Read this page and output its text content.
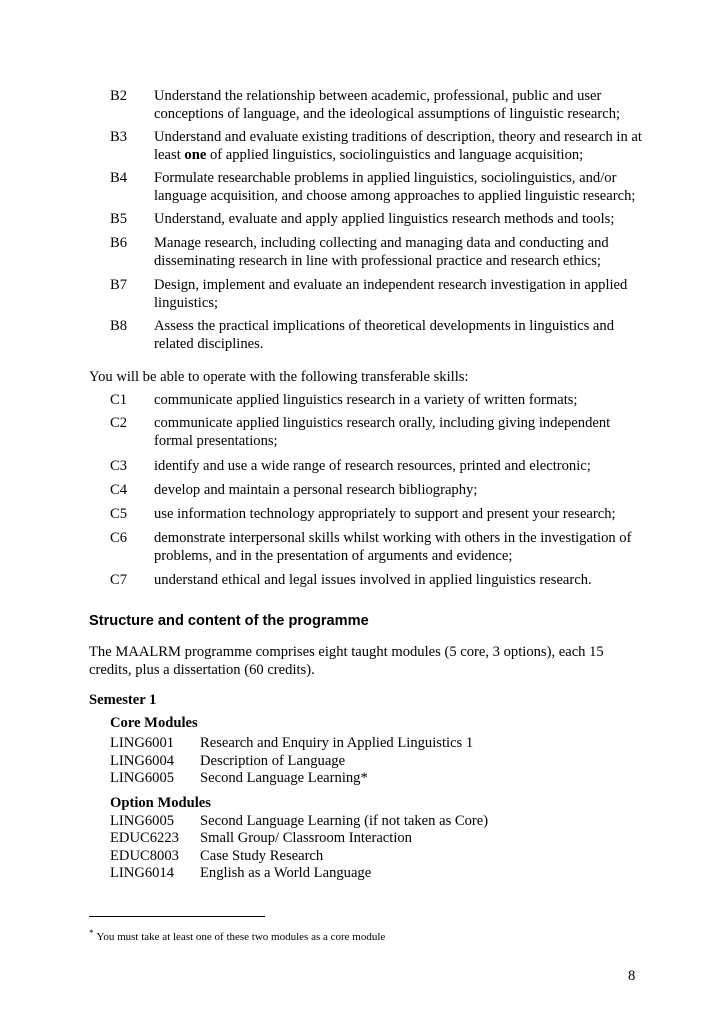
B2	Understand the relationship between academic, professional, public and user conceptions of language, and the ideological assumptions of linguistic research;
B3	Understand and evaluate existing traditions of description, theory and research in at least one of applied linguistics, sociolinguistics and language acquisition;
B4	Formulate researchable problems in applied linguistics, sociolinguistics, and/or language acquisition, and choose among approaches to applied linguistic research;
B5	Understand, evaluate and apply applied linguistics research methods and tools;
B6	Manage research, including collecting and managing data and conducting and disseminating research in line with professional practice and research ethics;
B7	Design, implement and evaluate an independent research investigation in applied linguistics;
B8	Assess the practical implications of theoretical developments in linguistics and related disciplines.
You will be able to operate with the following transferable skills:
C1	communicate applied linguistics research in a variety of written formats;
C2	communicate applied linguistics research orally, including giving independent formal presentations;
C3	identify and use a wide range of research resources, printed and electronic;
C4	develop and maintain a personal research bibliography;
C5	use information technology appropriately to support and present your research;
C6	demonstrate interpersonal skills whilst working with others in the investigation of problems, and in the presentation of arguments and evidence;
C7	understand ethical and legal issues involved in applied linguistics research.
Structure and content of the programme
The MAALRM programme comprises eight taught modules (5 core, 3 options), each 15 credits, plus a dissertation (60 credits).
Semester 1
Core Modules
LING6001	Research and Enquiry in Applied Linguistics 1
LING6004	Description of Language
LING6005	Second Language Learning*
Option Modules
LING6005	Second Language Learning (if not taken as Core)
EDUC6223	Small Group/ Classroom Interaction
EDUC8003	Case Study Research
LING6014	English as a World Language
* You must take at least one of these two modules as a core module
8
